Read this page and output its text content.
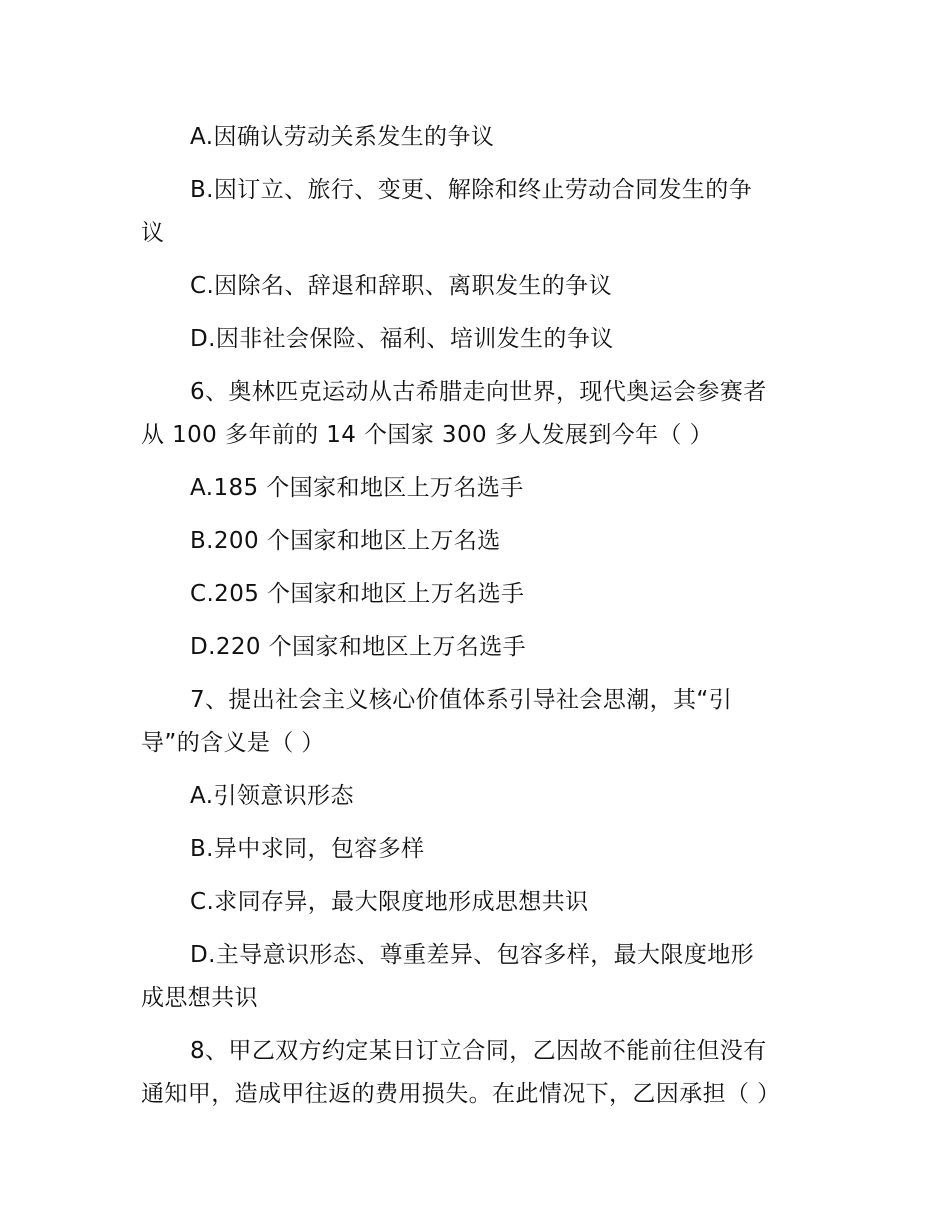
A.因确认劳动关系发生的争议

B.因订立、旅行、变更、解除和终止劳动合同发生的争
议

C.因除名、辞退和辞职、离职发生的争议

D.因非社会保险、福利、培训发生的争议

6、奥林匹克运动从古希腊走向世界，现代奥运会参赛者
从 100 多年前的 14 个国家 300 多人发展到今年（ ）

A.185 个国家和地区上万名选手

B.200 个国家和地区上万名选

C.205 个国家和地区上万名选手

D.220 个国家和地区上万名选手

7、提出社会主义核心价值体系引导社会思潮，其“引
导”的含义是（ ）

A.引领意识形态

B.异中求同，包容多样

C.求同存异，最大限度地形成思想共识

D.主导意识形态、尊重差异、包容多样，最大限度地形
成思想共识

8、甲乙双方约定某日订立合同，乙因故不能前往但没有
通知甲，造成甲往返的费用损失。在此情况下，乙因承担（ ）
